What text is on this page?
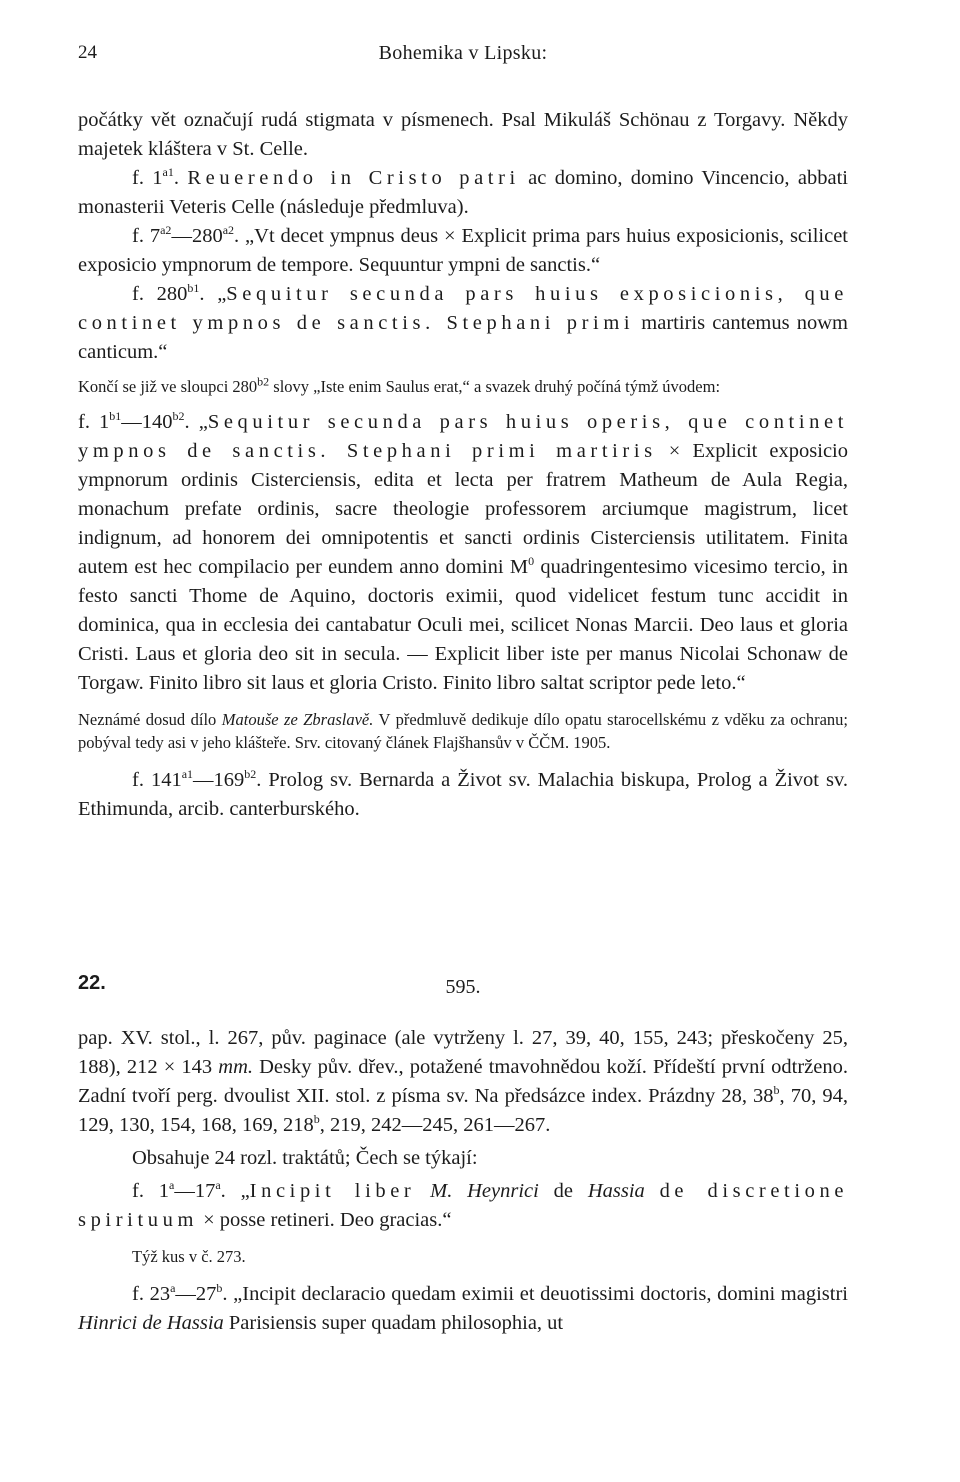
24	Bohemika v Lipsku:

počátky vět označují rudá stigmata v písmenech. Psal Mikuláš Schönau z Torgavy. Někdy majetek kláštera v St. Celle.

f. $1^{a1}$. Reuerendo in Cristo patri ac domino, domino Vincencio, abbati monasterii Veteris Celle (následuje předmluva).

f. $7^{a2}—280^{a2}$. „Vt decet ympnus deus × Explicit prima pars huius exposicionis, scilicet exposicio ympnorum de tempore. Sequuntur ympni de sanctis.“

f. $280^{b1}$. „Sequitur secunda pars huius exposicionis, que continet ympnos de sanctis. Stephani primi martiris cantemus nowm canticum.“

Končí se již ve sloupci $280^{b2}$ slovy „Iste enim Saulus erat,“ a svazek druhý počíná týmž úvodem:

f. $1^{b1}—140^{b2}$. „Sequitur secunda pars huius operis, que continet ympnos de sanctis. Stephani primi martiris × Explicit exposicio ympnorum ordinis Cisterciensis, edita et lecta per fratrem Matheum de Aula Regia, monachum prefate ordinis, sacre theologie professorem arciumque magistrum, licet indignum, ad honorem dei omnipotentis et sancti ordinis Cisterciensis utilitatem. Finita autem est hec compilacio per eundem anno domini $M^0$ quadringentesimo vicesimo tercio, in festo sancti Thome de Aquino, doctoris eximii, quod videlicet festum tunc accidit in dominica, qua in ecclesia dei cantabatur Oculi mei, scilicet Nonas Marcii. Deo laus et gloria Cristi. Laus et gloria deo sit in secula. — Explicit liber iste per manus Nicolai Schonaw de Torgaw. Finito libro sit laus et gloria Cristo. Finito libro saltat scriptor pede leto.“

Neznámé dosud dílo Matouše ze Zbraslavě. V předmluvě dedikuje dílo opatu starocellskému z vděku za ochranu; pobýval tedy asi v jeho klášteře. Srv. citovaný článek Flajšhansův v ČČM. 1905.

f. $141^{a1}—169^{b2}$. Prolog sv. Bernarda a Život sv. Malachia biskupa, Prolog a Život sv. Ethimunda, arcib. canterburského.

22.	595.

pap. XV. stol., l. 267, pův. paginace (ale vytrženy l. 27, 39, 40, 155, 243; přeskočeny 25, 188), 212 × 143 mm. Desky pův. dřev., potažené tmavohnědou koží. Přídeští první odtrženo. Zadní tvoří perg. dvoulist XII. stol. z písma sv. Na předsázce index. Prázdny 28, 38$^b$, 70, 94, 129, 130, 154, 168, 169, 218$^b$, 219, 242—245, 261—267.

Obsahuje 24 rozl. traktátů; Čech se týkají:

f. 1$^a$—17$^a$. „Incipit liber M. Heynrici de Hassia de discretione spirituum × posse retineri. Deo gracias.“

Týž kus v č. 273.

f. 23$^a$—27$^b$. „Incipit declaracio quedam eximii et deuotissimi doctoris, domini magistri Hinrici de Hassia Parisiensis super quadam philosophia, ut
